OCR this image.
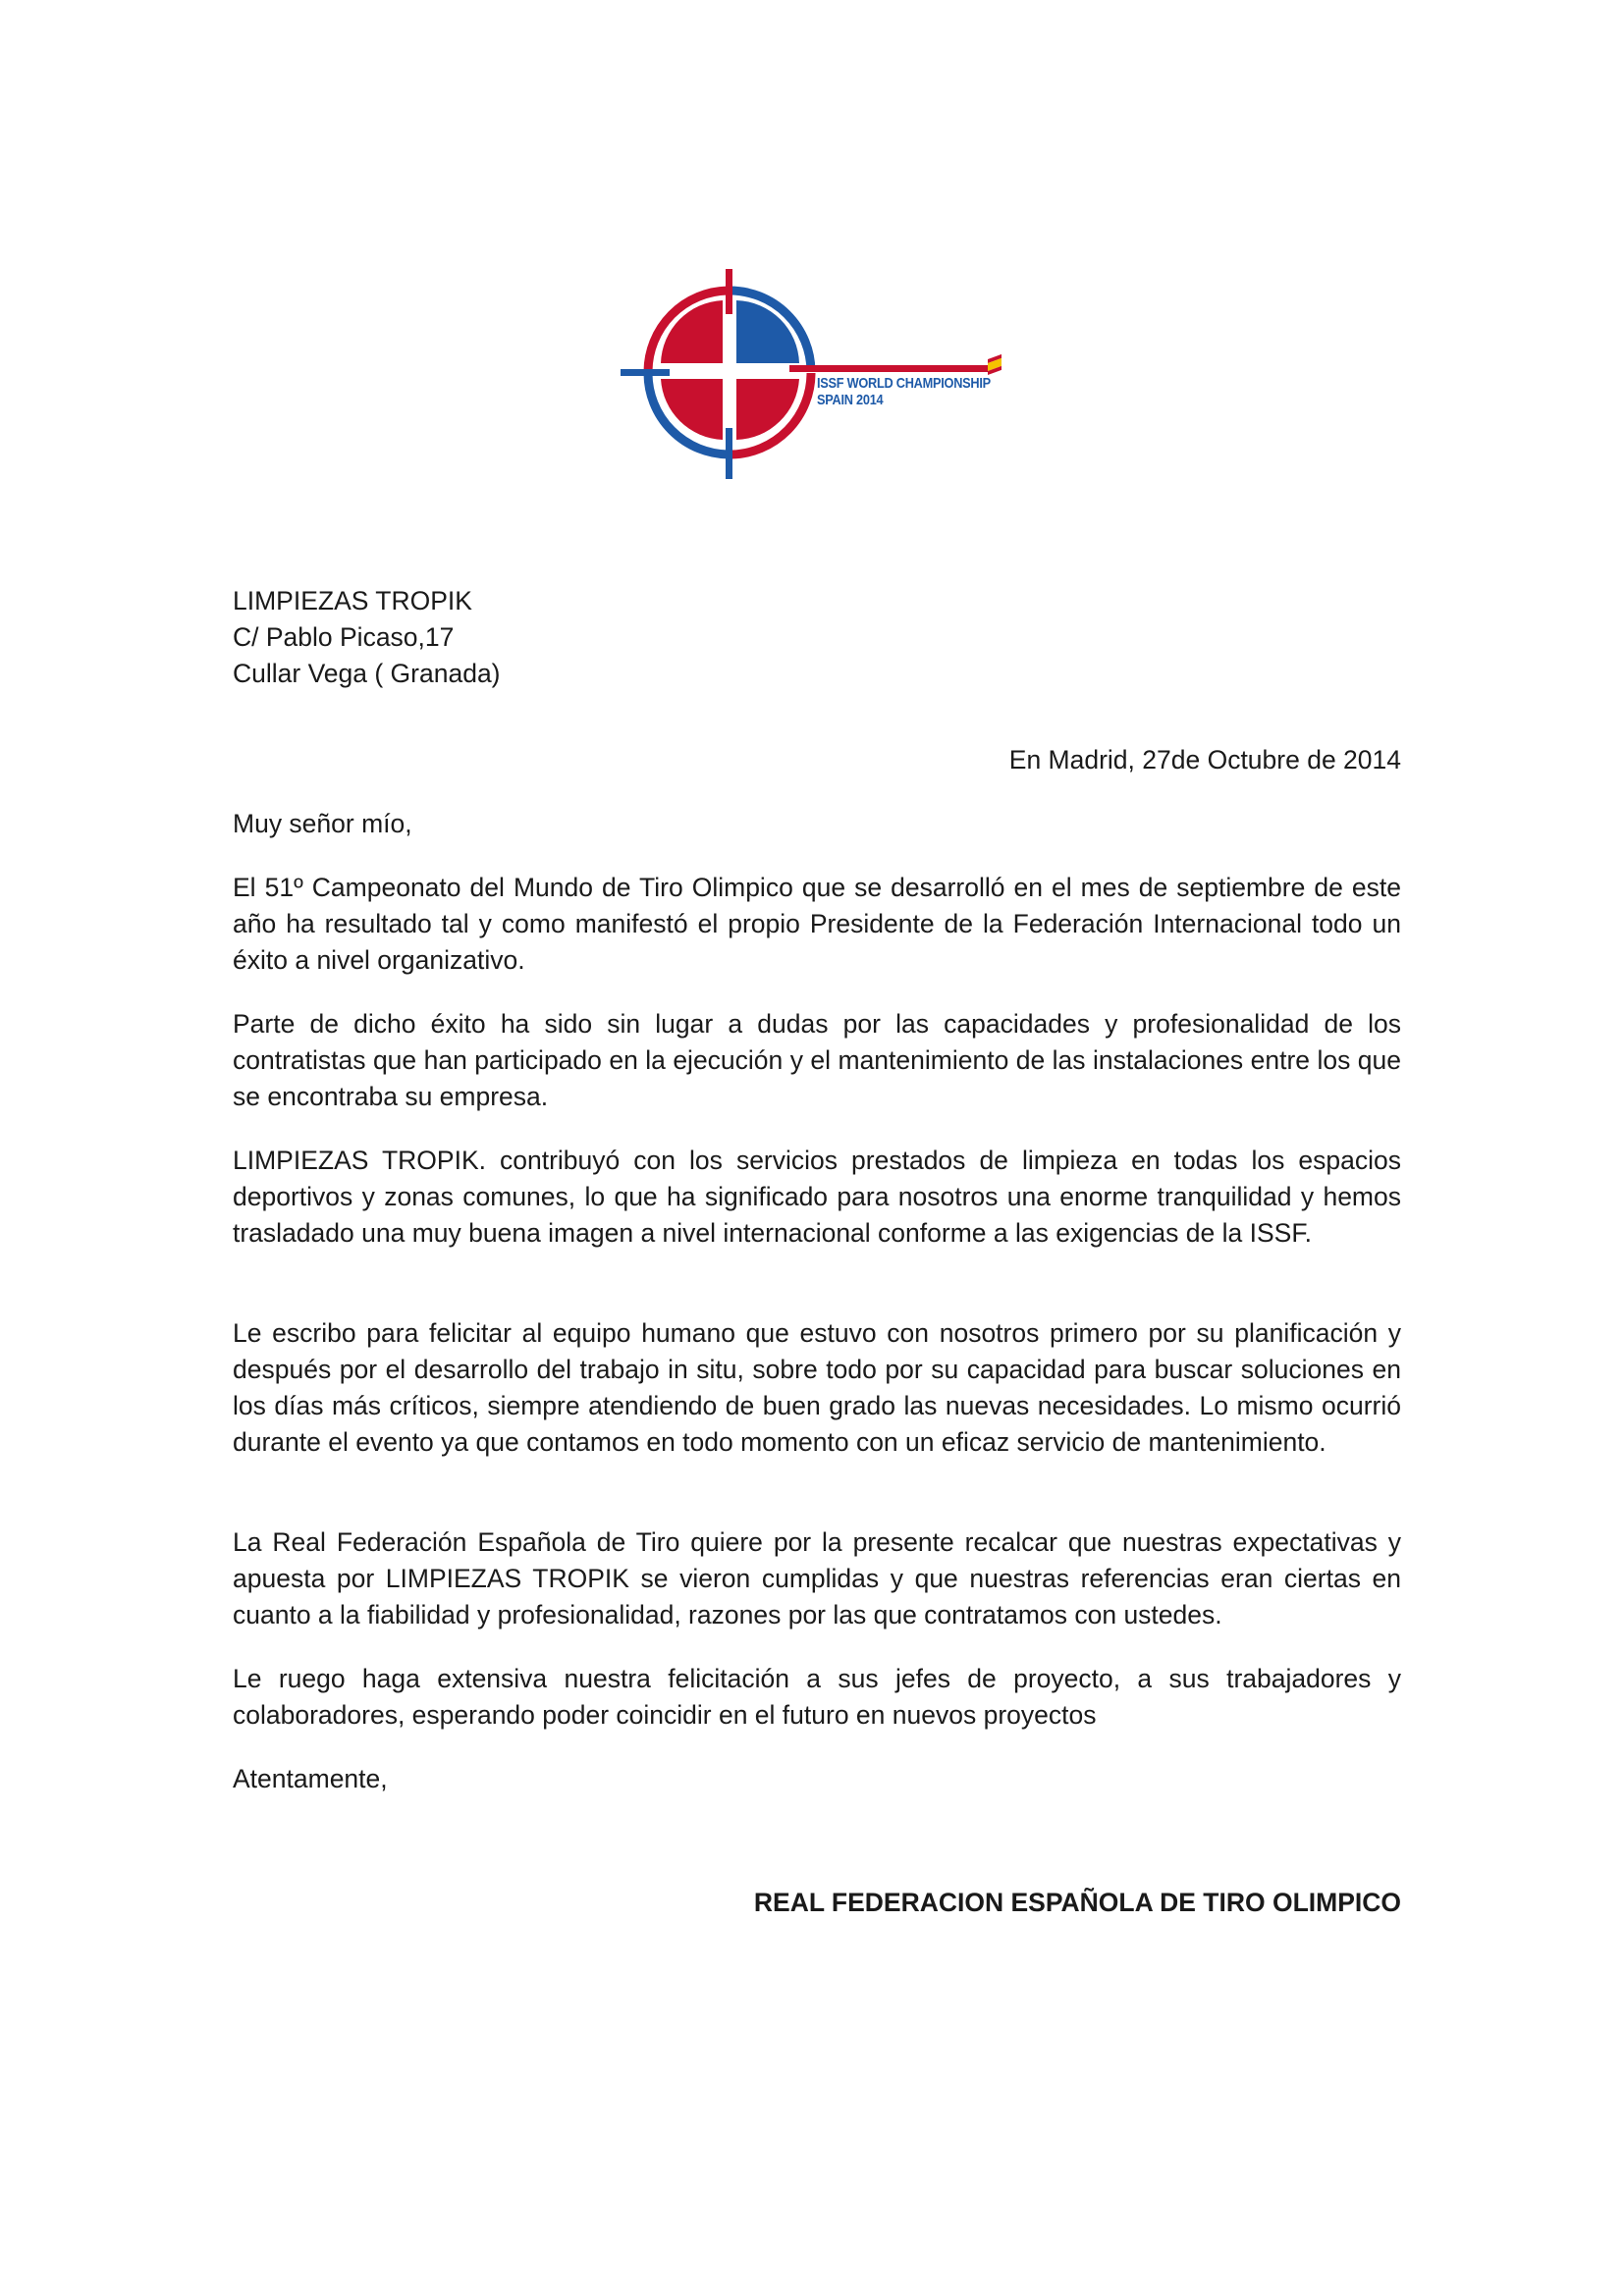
ISSF WORLD CHAMPIONSHIP
SPAIN 2014
LIMPIEZAS TROPIK
C/ Pablo Picaso,17
Cullar Vega ( Granada)
En Madrid, 27de Octubre de 2014
Muy señor mío,

El 51º Campeonato del Mundo de Tiro Olimpico que se desarrolló en el mes de septiembre de este año ha resultado tal y como manifestó el propio Presidente de la Federación Internacional todo un éxito a nivel organizativo.

Parte de dicho éxito ha sido sin lugar a dudas por las capacidades y profesionalidad de los contratistas que han participado en la ejecución y el mantenimiento de las instalaciones entre los que se encontraba su empresa.

LIMPIEZAS TROPIK. contribuyó con los servicios prestados de limpieza en todas los espacios deportivos y zonas comunes, lo que ha significado para nosotros una enorme tranquilidad y hemos trasladado una muy buena imagen a nivel internacional conforme a las exigencias de la ISSF.

Le escribo para felicitar al equipo humano que estuvo con nosotros primero por su planificación y después por el desarrollo del trabajo in situ, sobre todo por su capacidad para buscar soluciones en los días más críticos, siempre atendiendo de buen grado las nuevas necesidades. Lo mismo ocurrió durante el evento ya que contamos en todo momento con un eficaz servicio de mantenimiento.

La Real Federación Española de Tiro quiere por la presente recalcar que nuestras expectativas y apuesta por LIMPIEZAS TROPIK se vieron cumplidas y que nuestras referencias eran ciertas en cuanto a la fiabilidad y profesionalidad, razones por las que contratamos con ustedes.

Le ruego haga extensiva nuestra felicitación a sus jefes de proyecto, a sus trabajadores y colaboradores, esperando poder coincidir en el futuro en nuevos proyectos

Atentamente,
REAL FEDERACION ESPAÑOLA DE TIRO OLIMPICO
